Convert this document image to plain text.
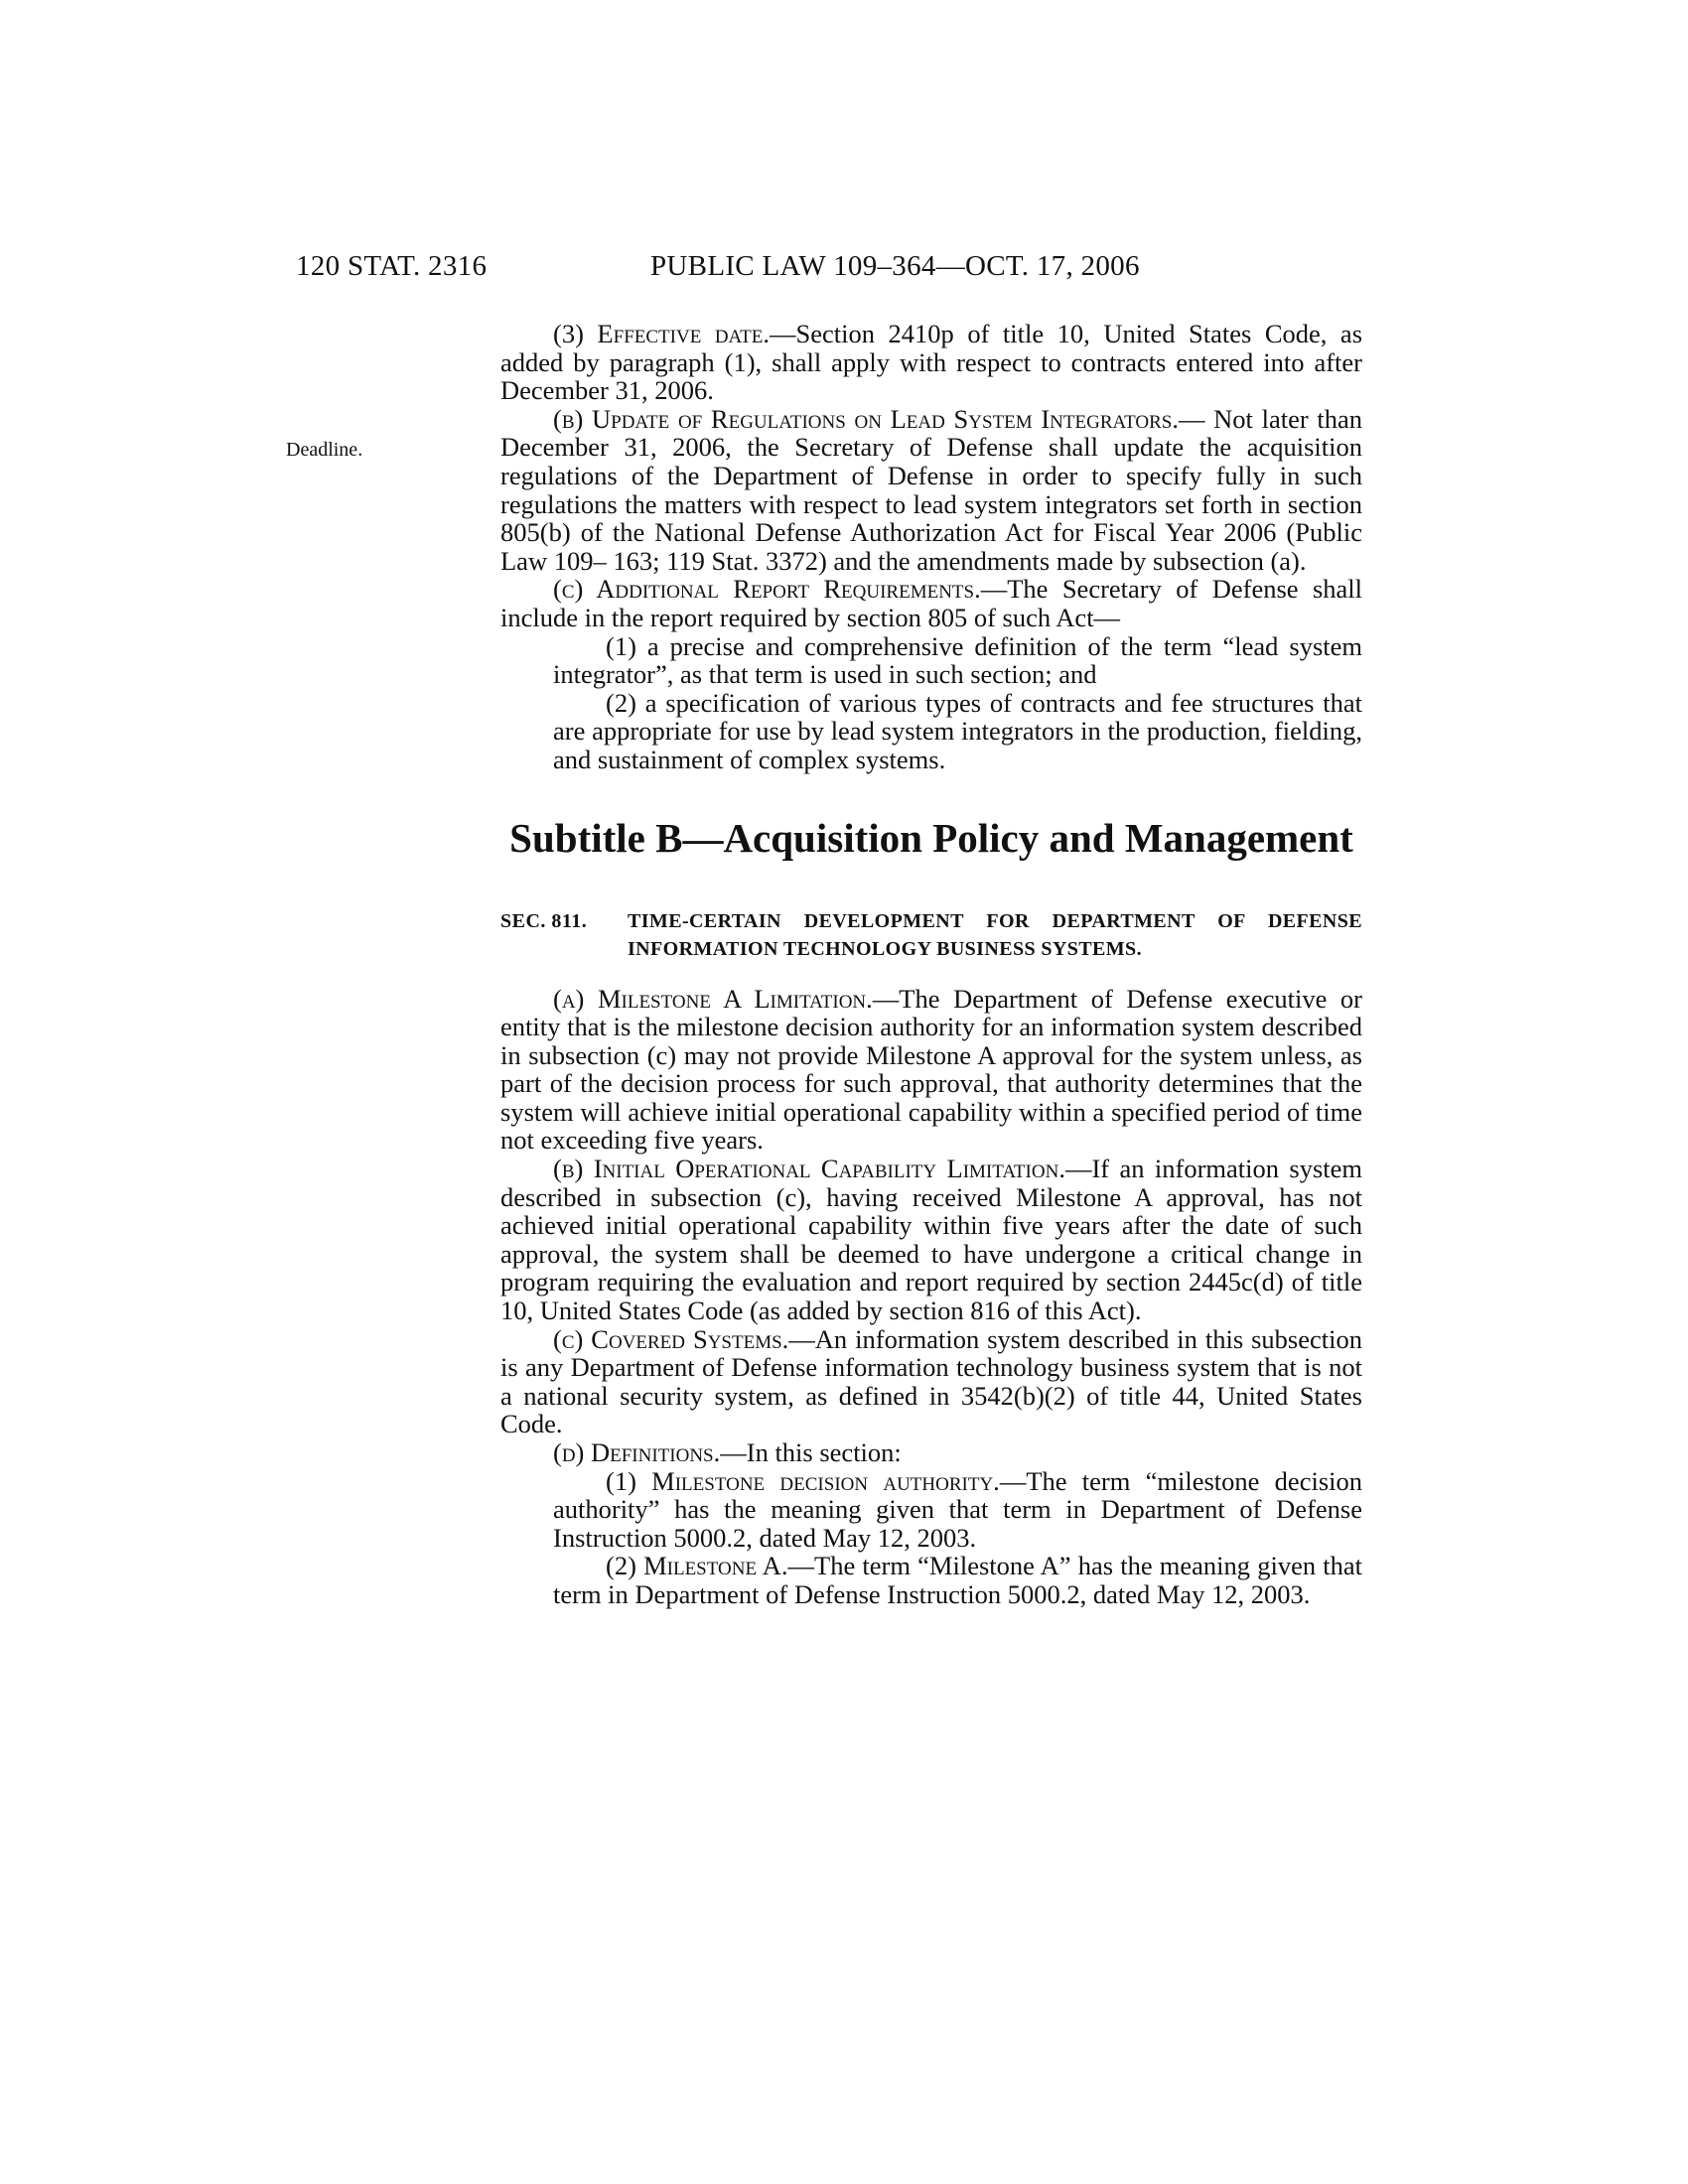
120 STAT. 2316	PUBLIC LAW 109–364—OCT. 17, 2006
Deadline.

(3) Effective date.—Section 2410p of title 10, United States Code, as added by paragraph (1), shall apply with respect to contracts entered into after December 31, 2006.

(b) Update of Regulations on Lead System Integrators.— Not later than December 31, 2006, the Secretary of Defense shall update the acquisition regulations of the Department of Defense in order to specify fully in such regulations the matters with respect to lead system integrators set forth in section 805(b) of the National Defense Authorization Act for Fiscal Year 2006 (Public Law 109– 163; 119 Stat. 3372) and the amendments made by subsection (a).

(c) Additional Report Requirements.—The Secretary of Defense shall include in the report required by section 805 of such Act—

(1) a precise and comprehensive definition of the term “lead system integrator”, as that term is used in such section; and

(2) a specification of various types of contracts and fee structures that are appropriate for use by lead system integrators in the production, fielding, and sustainment of complex systems.

Subtitle B—Acquisition Policy and Management

SEC. 811.	TIME-CERTAIN DEVELOPMENT FOR DEPARTMENT OF DEFENSE INFORMATION TECHNOLOGY BUSINESS SYSTEMS.

(a) Milestone A Limitation.—The Department of Defense executive or entity that is the milestone decision authority for an information system described in subsection (c) may not provide Milestone A approval for the system unless, as part of the decision process for such approval, that authority determines that the system will achieve initial operational capability within a specified period of time not exceeding five years.

(b) Initial Operational Capability Limitation.—If an information system described in subsection (c), having received Milestone A approval, has not achieved initial operational capability within five years after the date of such approval, the system shall be deemed to have undergone a critical change in program requiring the evaluation and report required by section 2445c(d) of title 10, United States Code (as added by section 816 of this Act).

(c) Covered Systems.—An information system described in this subsection is any Department of Defense information technology business system that is not a national security system, as defined in 3542(b)(2) of title 44, United States Code.

(d) Definitions.—In this section:

(1) Milestone decision authority.—The term “milestone decision authority” has the meaning given that term in Department of Defense Instruction 5000.2, dated May 12, 2003.

(2) Milestone A.—The term “Milestone A” has the meaning given that term in Department of Defense Instruction 5000.2, dated May 12, 2003.
